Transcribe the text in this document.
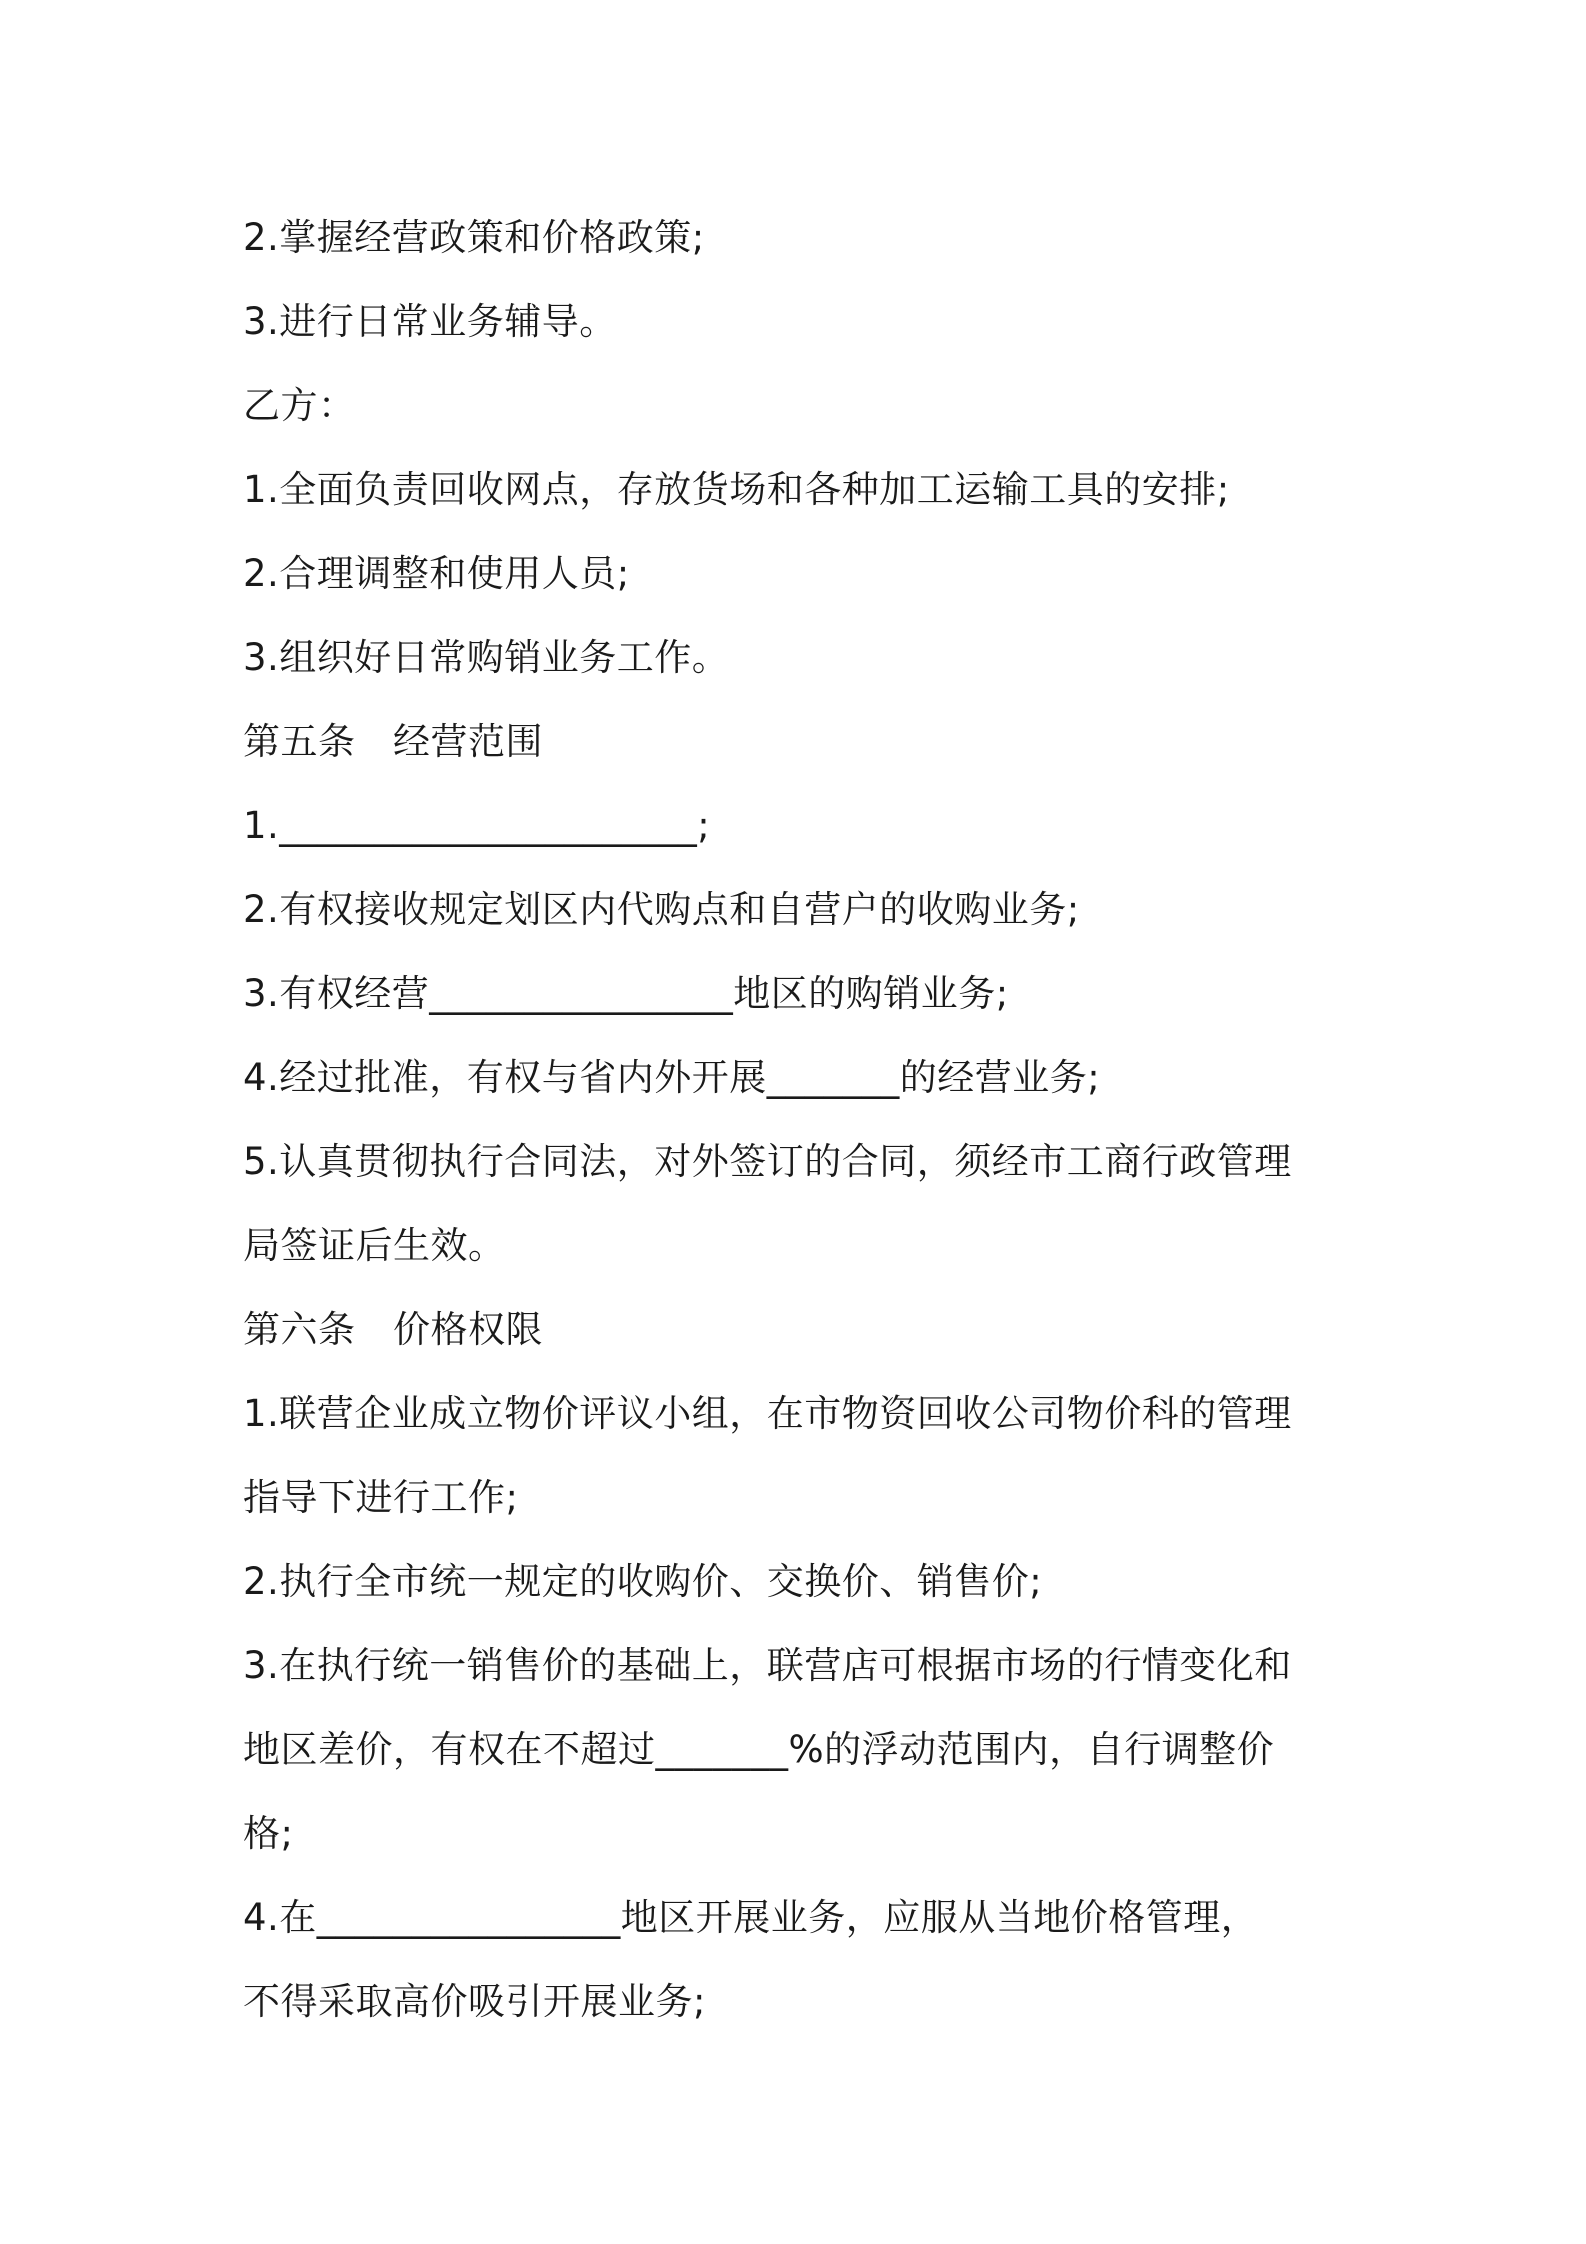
2.掌握经营政策和价格政策;
3.进行日常业务辅导。
乙方：
1.全面负责回收网点，存放货场和各种加工运输工具的安排;
2.合理调整和使用人员;
3.组织好日常购销业务工作。
第五条　经营范围
1.______________________;
2.有权接收规定划区内代购点和自营户的收购业务;
3.有权经营________________地区的购销业务;
4.经过批准，有权与省内外开展_______的经营业务;
5.认真贯彻执行合同法，对外签订的合同，须经市工商行政管理
局签证后生效。
第六条　价格权限
1.联营企业成立物价评议小组，在市物资回收公司物价科的管理
指导下进行工作;
2.执行全市统一规定的收购价、交换价、销售价;
3.在执行统一销售价的基础上，联营店可根据市场的行情变化和
地区差价，有权在不超过_______%的浮动范围内，自行调整价
格;
4.在________________地区开展业务，应服从当地价格管理，
不得采取高价吸引开展业务;
